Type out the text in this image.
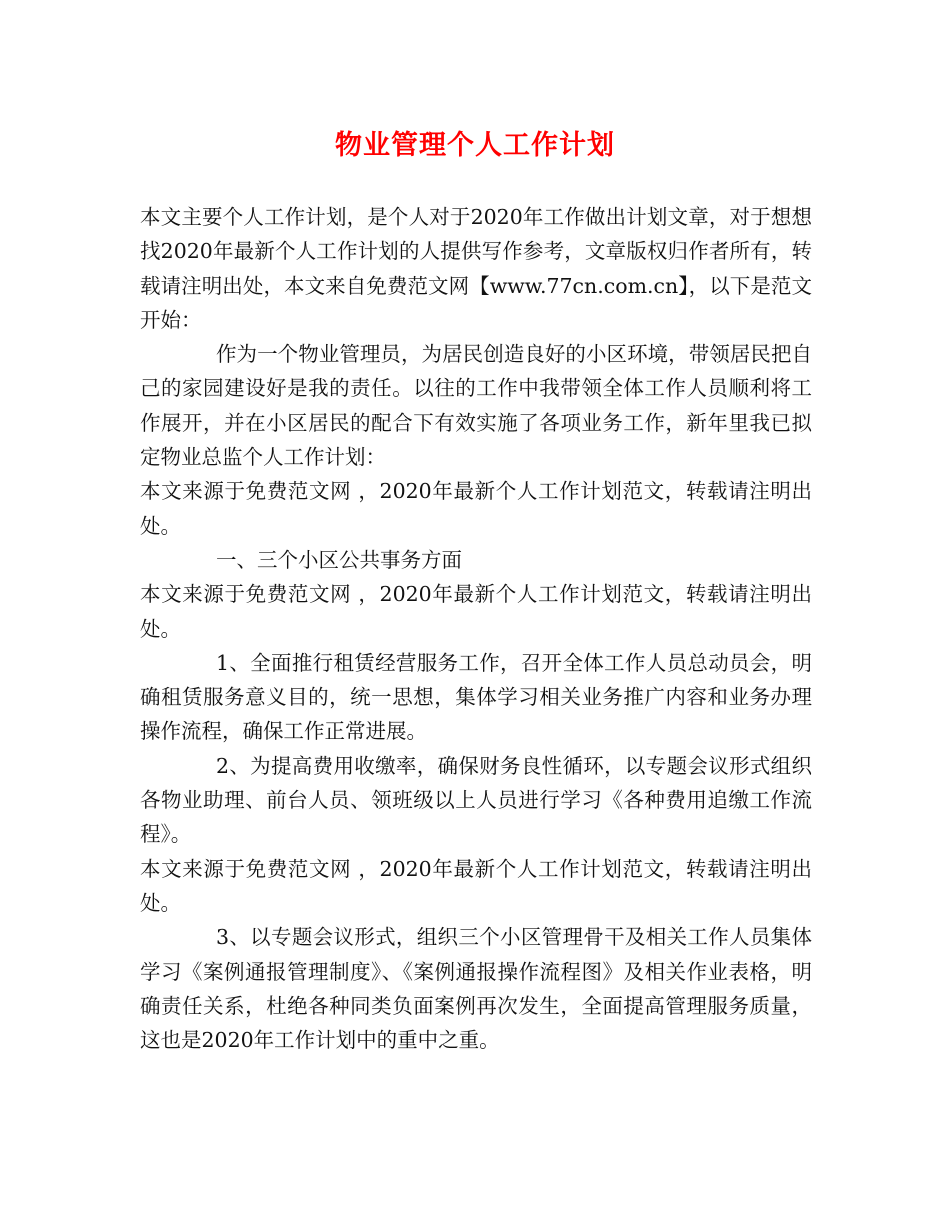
物业管理个人工作计划

本文主要个人工作计划，是个人对于2020年工作做出计划文章，对于想想找2020年最新个人工作计划的人提供写作参考，文章版权归作者所有，转载请注明出处，本文来自免费范文网【www.77cn.com.cn】，以下是范文开始：

作为一个物业管理员，为居民创造良好的小区环境，带领居民把自己的家园建设好是我的责任。以往的工作中我带领全体工作人员顺利将工作展开，并在小区居民的配合下有效实施了各项业务工作，新年里我已拟定物业总监个人工作计划：

本文来源于免费范文网 ，2020年最新个人工作计划范文，转载请注明出处。

一、三个小区公共事务方面

本文来源于免费范文网 ，2020年最新个人工作计划范文，转载请注明出处。

1、全面推行租赁经营服务工作，召开全体工作人员总动员会，明确租赁服务意义目的，统一思想，集体学习相关业务推广内容和业务办理操作流程，确保工作正常进展。

2、为提高费用收缴率，确保财务良性循环，以专题会议形式组织各物业助理、前台人员、领班级以上人员进行学习《各种费用追缴工作流程》。

本文来源于免费范文网 ，2020年最新个人工作计划范文，转载请注明出处。

3、以专题会议形式，组织三个小区管理骨干及相关工作人员集体学习《案例通报管理制度》、《案例通报操作流程图》及相关作业表格，明确责任关系，杜绝各种同类负面案例再次发生，全面提高管理服务质量，这也是2020年工作计划中的重中之重。
